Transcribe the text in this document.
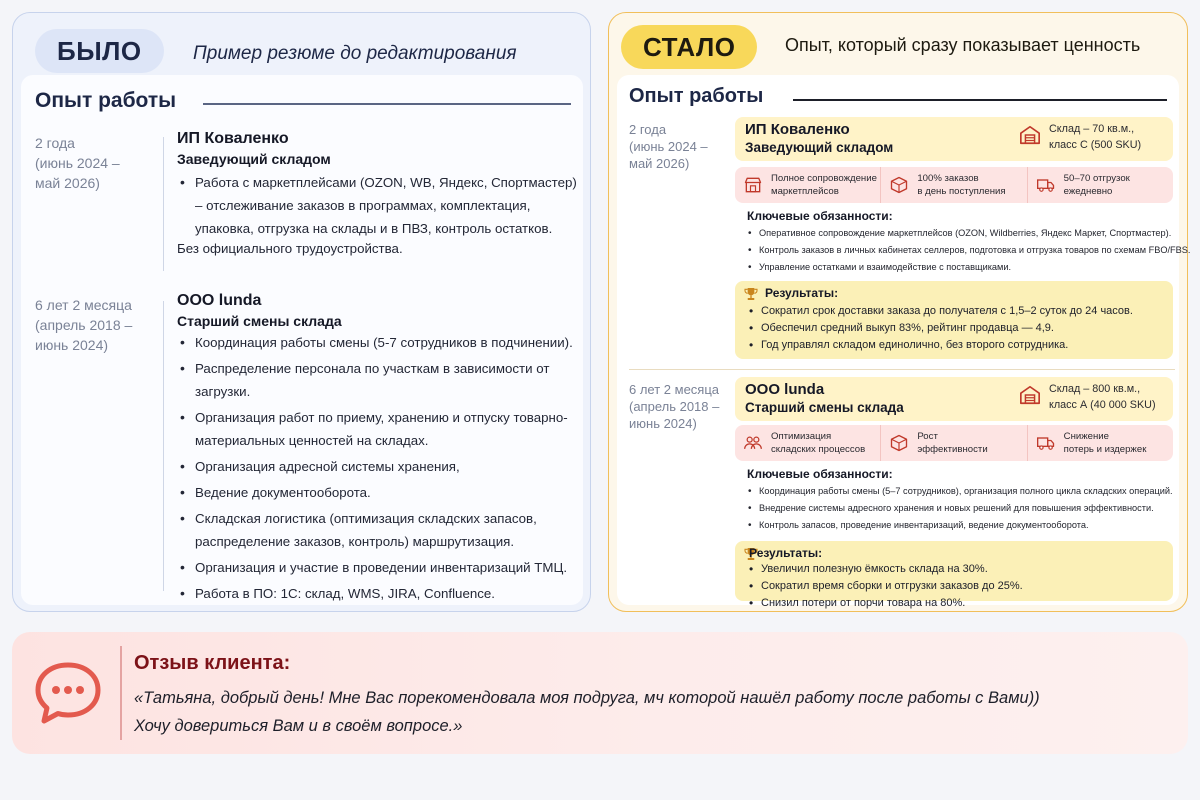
БЫЛО	Пример резюме до редактирования
Опыт работы
2 года
(июнь 2024 –
май 2026)
ИП Коваленко
Заведующий складом
• Работа с маркетплейсами (OZON, WB, Яндекс, Спортмастер) – отслеживание заказов в программах, комплектация, упаковка, отгрузка на склады и в ПВЗ, контроль остатков.
Без официального трудоустройства.
6 лет 2 месяца
(апрель 2018 –
июнь 2024)
ООО lunda
Старший смены склада
• Координация работы смены (5-7 сотрудников в подчинении).
• Распределение персонала по участкам в зависимости от загрузки.
• Организация работ по приему, хранению и отпуску товарно-материальных ценностей на складах.
• Организация адресной системы хранения,
• Ведение документооборота.
• Складская логистика (оптимизация складских запасов, распределение заказов, контроль) маршрутизация.
• Организация и участие в проведении инвентаризаций ТМЦ.
• Работа в ПО: 1С: склад, WMS, JIRA, Confluence.
СТАЛО	Опыт, который сразу показывает ценность
Опыт работы
2 года
(июнь 2024 –
май 2026)
ИП Коваленко
Заведующий складом
Склад – 70 кв.м.,
класс С (500 SKU)
Полное сопровождение
маркетплейсов
100% заказов
в день поступления
50–70 отгрузок
ежедневно
Ключевые обязанности:
• Оперативное сопровождение маркетплейсов (OZON, Wildberries, Яндекс Маркет, Спортмастер).
• Контроль заказов в личных кабинетах селлеров, подготовка и отгрузка товаров по схемам FBO/FBS.
• Управление остатками и взаимодействие с поставщиками.
Результаты:
• Сократил срок доставки заказа до получателя с 1,5–2 суток до 24 часов.
• Обеспечил средний выкуп 83%, рейтинг продавца — 4,9.
• Год управлял складом единолично, без второго сотрудника.
6 лет 2 месяца
(апрель 2018 –
июнь 2024)
ООО lunda
Старший смены склада
Склад – 800 кв.м.,
класс А (40 000 SKU)
Оптимизация
складских процессов
Рост
эффективности
Снижение
потерь и издержек
Ключевые обязанности:
• Координация работы смены (5–7 сотрудников), организация полного цикла складских операций.
• Внедрение системы адресного хранения и новых решений для повышения эффективности.
• Контроль запасов, проведение инвентаризаций, ведение документооборота.
Результаты:
• Увеличил полезную ёмкость склада на 30%.
• Сократил время сборки и отгрузки заказов до 25%.
• Снизил потери от порчи товара на 80%.
Отзыв клиента:
«Татьяна, добрый день! Мне Вас порекомендовала моя подруга, мч которой нашёл работу после работы с Вами))
Хочу довериться Вам и в своём вопросе.»
